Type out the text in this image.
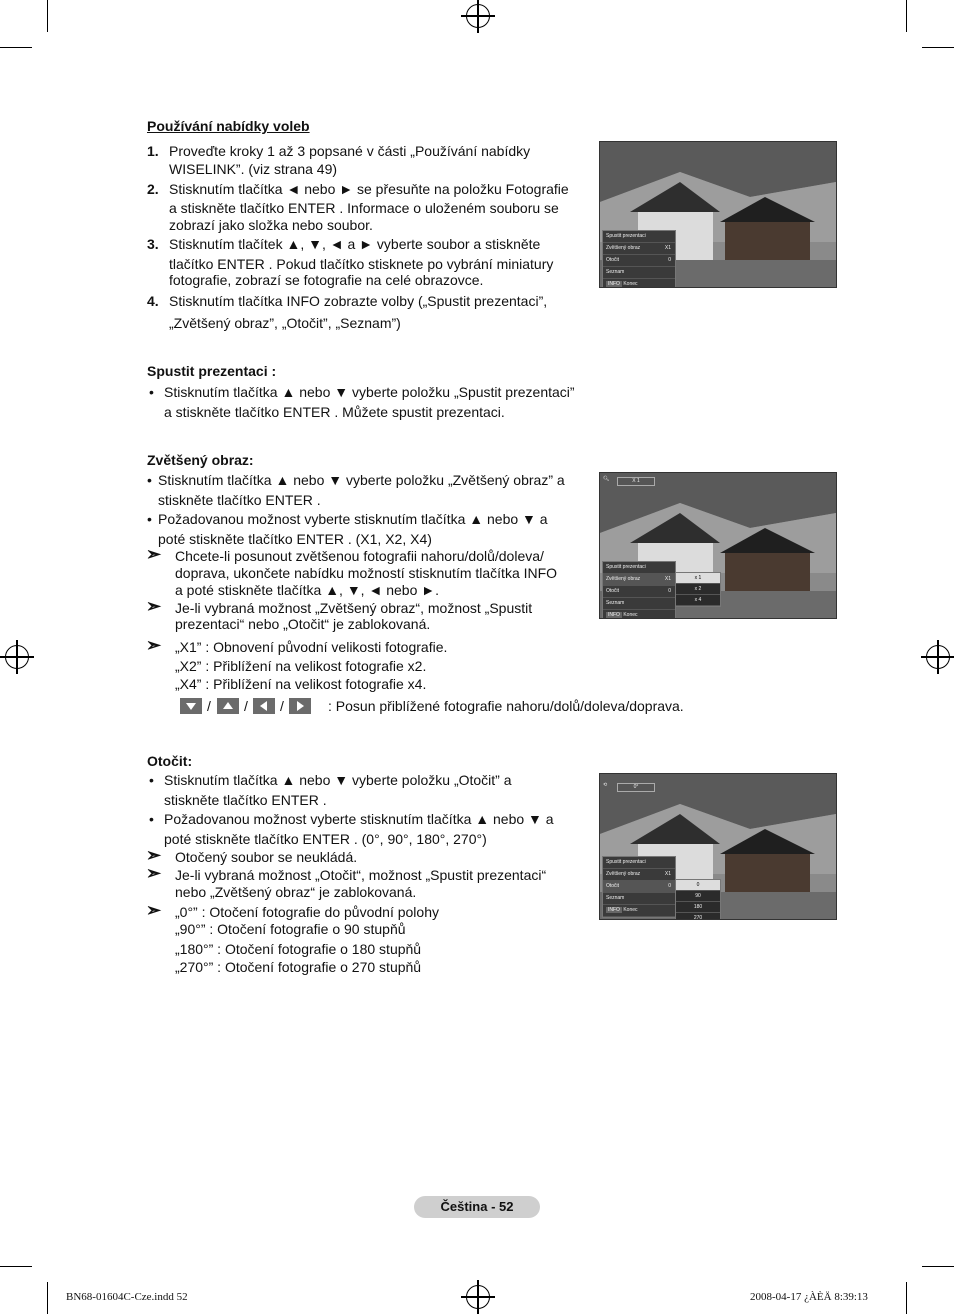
Používání nabídky voleb
1. Proveďte kroky 1 až 3 popsané v části „Používání nabídky
WISELINK”. (viz strana 49)
2. Stisknutím tlačítka ◄ nebo ► se přesuňte na položku Fotografie
a stiskněte tlačítko ENTER . Informace o uloženém souboru se
zobrazí jako složka nebo soubor.
3. Stisknutím tlačítek ▲, ▼, ◄ a ► vyberte soubor a stiskněte
tlačítko ENTER . Pokud tlačítko stisknete po vybrání miniatury
fotografie, zobrazí se fotografie na celé obrazovce.
4. Stisknutím tlačítka INFO zobrazte volby („Spustit prezentaci”,
„Zvětšený obraz”, „Otočit”, „Seznam”)
Spustit prezentaci
Zvětšený obraz	X1
Otočit	0
Seznam
INFO Konec
Spustit prezentaci :
• Stisknutím tlačítka ▲ nebo ▼ vyberte položku „Spustit prezentaci”
a stiskněte tlačítko ENTER . Můžete spustit prezentaci.
Zvětšený obraz:
• Stisknutím tlačítka ▲ nebo ▼ vyberte položku „Zvětšený obraz” a
stiskněte tlačítko ENTER .
• Požadovanou možnost vyberte stisknutím tlačítka ▲ nebo ▼ a
poté stiskněte tlačítko ENTER . (X1, X2, X4)
➣ Chcete-li posunout zvětšenou fotografii nahoru/dolů/doleva/
doprava, ukončete nabídku možností stisknutím tlačítka INFO
a poté stiskněte tlačítka ▲, ▼, ◄ nebo ►.
➣ Je-li vybraná možnost „Zvětšený obraz“, možnost „Spustit
prezentaci“ nebo „Otočit“ je zablokovaná.
➣ „X1” : Obnovení původní velikosti fotografie.
„X2” : Přiblížení na velikost fotografie x2.
„X4” : Přiblížení na velikost fotografie x4.
/ / /	: Posun přiblížené fotografie nahoru/dolů/doleva/doprava.
🔍︎	X 1
Spustit prezentaci
Zvětšený obraz	X1
Otočit	0
Seznam
INFO Konec
x 1
x 2
x 4
Otočit:
• Stisknutím tlačítka ▲ nebo ▼ vyberte položku „Otočit” a
stiskněte tlačítko ENTER .
• Požadovanou možnost vyberte stisknutím tlačítka ▲ nebo ▼ a
poté stiskněte tlačítko ENTER . (0°, 90°, 180°, 270°)
➣ Otočený soubor se neukládá.
➣ Je-li vybraná možnost „Otočit“, možnost „Spustit prezentaci“
nebo „Zvětšený obraz“ je zablokovaná.
➣ „0°” : Otočení fotografie do původní polohy
„90°” : Otočení fotografie o 90 stupňů
„180°” : Otočení fotografie o 180 stupňů
„270°” : Otočení fotografie o 270 stupňů
⟲	0°
Spustit prezentaci
Zvětšený obraz	X1
Otočit	0
Seznam
INFO Konec
0
90
180
270
Čeština - 52
BN68-01604C-Cze.indd 52	2008-04-17 ¿ÀÈÄ 8:39:13
